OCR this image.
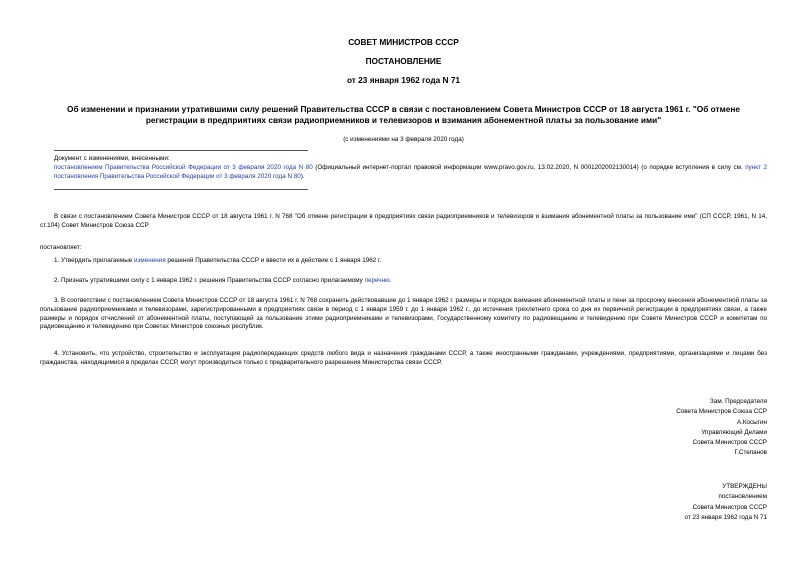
СОВЕТ МИНИСТРОВ СССР
ПОСТАНОВЛЕНИЕ
от 23 января 1962 года N 71
Об изменении и признании утратившими силу решений Правительства СССР в связи с постановлением Совета Министров СССР от 18 августа 1961 г. "Об отмене
регистрации в предприятиях связи радиоприемников и телевизоров и взимания абонементной платы за пользование ими"
(с изменениями на 3 февраля 2020 года)
Документ с изменениями, внесенными:
постановлением Правительства Российской Федерации от 3 февраля 2020 года N 80 (Официальный интернет-портал правовой информации www.pravo.gov.ru, 13.02.2020, N 0001202002130014) (о порядке вступления в силу см. пункт 2 постановления Правительства Российской Федерации от 3 февраля 2020 года N 80).
В связи с постановлением Совета Министров СССР от 18 августа 1961 г. N 768 "Об отмене регистрации в предприятиях связи радиоприемников и телевизоров и взимания абонементной платы за пользование ими" (СП СССР, 1961, N 14, ст.104) Совет Министров Союза ССР
постановляет:
1. Утвердить прилагаемые изменения решений Правительства СССР и ввести их в действие с 1 января 1962 г.
2. Признать утратившими силу с 1 января 1962 г. решения Правительства СССР согласно прилагаемому перечню.
3. В соответствии с постановлением Совета Министров СССР от 18 августа 1961 г. N 768 сохранить действовавшие до 1 января 1962 г. размеры и порядок взимания абонементной платы и пени за просрочку внесения абонементной платы за пользование радиоприемниками и телевизорами, зарегистрированными в предприятиях связи в период с 1 января 1959 г. до 1 января 1962 г., до истечения трехлетнего срока со дня их первичной регистрации в предприятиях связи, а также размеры и порядок отчислений от абонементной платы, поступающей за пользование этими радиоприемниками и телевизорами, Государственному комитету по радиовещанию и телевидению при Совете Министров СССР и комитетам по радиовещанию и телевидению при Советах Министров союзных республик.
4. Установить, что устройство, строительство и эксплуатация радиопередающих средств любого вида и назначения гражданами СССР, а также иностранными гражданами, учреждениями, предприятиями, организациями и лицами без гражданства, находящимися в пределах СССР, могут производиться только с предварительного разрешения Министерства связи СССР.
Зам. Председателя
Совета Министров Союза ССР
А.Косыгин
Управляющий Делами
Совета Министров СССР
Г.Степанов
УТВЕРЖДЕНЫ
постановлением
Совета Министров СССР
от 23 января 1962 года N 71
